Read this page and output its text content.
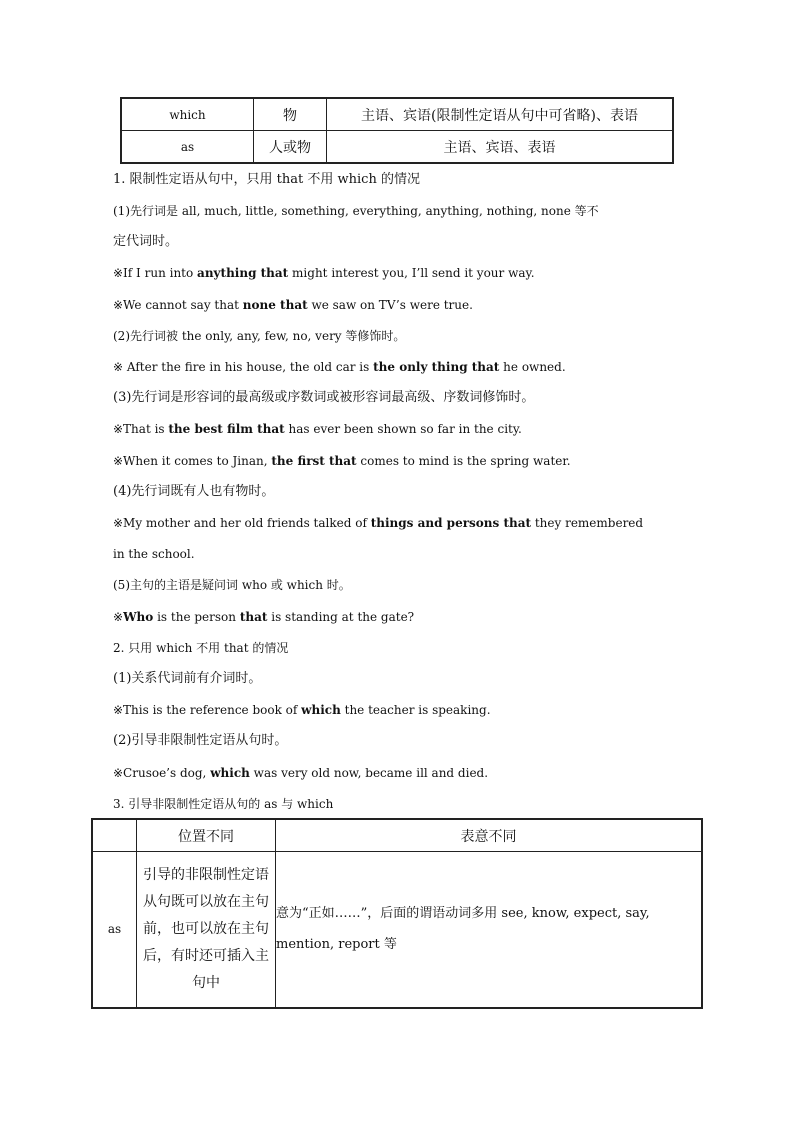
which	物	主语、宾语(限制性定语从句中可省略)、表语
as	人或物	主语、宾语、表语
1. 限制性定语从句中，只用 that 不用 which 的情况
(1)先行词是 all, much, little, something, everything, anything, nothing, none 等不
定代词时。
※If I run into anything that might interest you, I’ll send it your way.
※We cannot say that none that we saw on TV’s were true.
(2)先行词被 the only, any, few, no, very 等修饰时。
※ After the fire in his house, the old car is the only thing that he owned.
(3)先行词是形容词的最高级或序数词或被形容词最高级、序数词修饰时。
※That is the best film that has ever been shown so far in the city.
※When it comes to Jinan, the first that comes to mind is the spring water.
(4)先行词既有人也有物时。
※My mother and her old friends talked of things and persons that they remembered
in the school.
(5)主句的主语是疑问词 who 或 which 时。
※Who is the person that is standing at the gate?
2. 只用 which 不用 that 的情况
(1)关系代词前有介词时。
※This is the reference book of which the teacher is speaking.
(2)引导非限制性定语从句时。
※Crusoe’s dog, which was very old now, became ill and died.
3. 引导非限制性定语从句的 as 与 which
	位置不同	表意不同
as	引导的非限制性定语从句既可以放在主句前，也可以放在主句后，有时还可插入主句中	意为“正如……”，后面的谓语动词多用 see, know, expect, say,
mention, report 等
